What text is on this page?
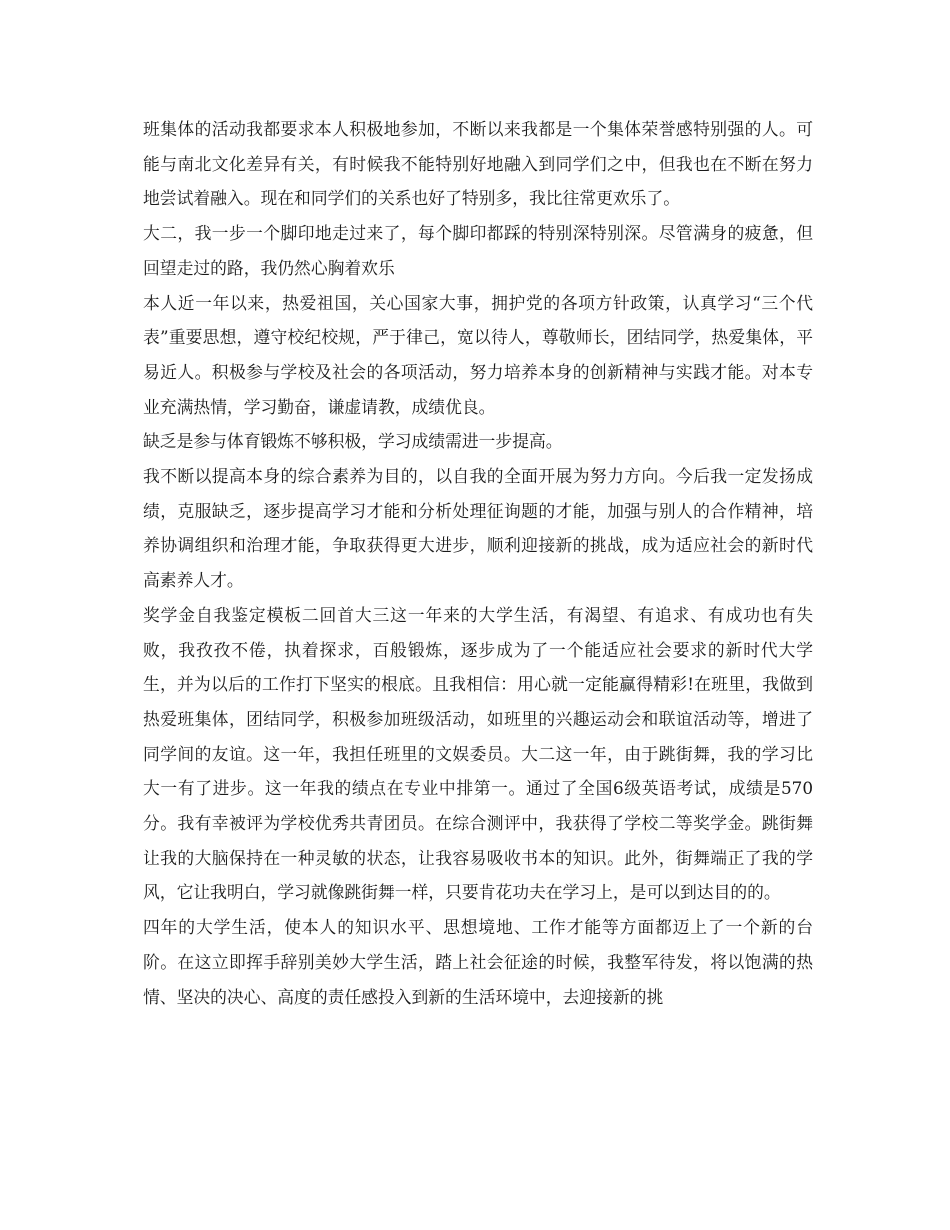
班集体的活动我都要求本人积极地参加，不断以来我都是一个集体荣誉感特别强的人。可能与南北文化差异有关，有时候我不能特别好地融入到同学们之中，但我也在不断在努力地尝试着融入。现在和同学们的关系也好了特别多，我比往常更欢乐了。

大二，我一步一个脚印地走过来了，每个脚印都踩的特别深特别深。尽管满身的疲惫，但回望走过的路，我仍然心胸着欢乐

本人近一年以来，热爱祖国，关心国家大事，拥护党的各项方针政策，认真学习“三个代表”重要思想，遵守校纪校规，严于律己，宽以待人，尊敬师长，团结同学，热爱集体，平易近人。积极参与学校及社会的各项活动，努力培养本身的创新精神与实践才能。对本专业充满热情，学习勤奋，谦虚请教，成绩优良。

缺乏是参与体育锻炼不够积极，学习成绩需进一步提高。

我不断以提高本身的综合素养为目的，以自我的全面开展为努力方向。今后我一定发扬成绩，克服缺乏，逐步提高学习才能和分析处理征询题的才能，加强与别人的合作精神，培养协调组织和治理才能，争取获得更大进步，顺利迎接新的挑战，成为适应社会的新时代高素养人才。

奖学金自我鉴定模板二回首大三这一年来的大学生活，有渴望、有追求、有成功也有失败，我孜孜不倦，执着探求，百般锻炼，逐步成为了一个能适应社会要求的新时代大学生，并为以后的工作打下坚实的根底。且我相信：用心就一定能赢得精彩!在班里，我做到热爱班集体，团结同学，积极参加班级活动，如班里的兴趣运动会和联谊活动等，增进了同学间的友谊。这一年，我担任班里的文娱委员。大二这一年，由于跳街舞，我的学习比大一有了进步。这一年我的绩点在专业中排第一。通过了全国6级英语考试，成绩是570分。我有幸被评为学校优秀共青团员。在综合测评中，我获得了学校二等奖学金。跳街舞让我的大脑保持在一种灵敏的状态，让我容易吸收书本的知识。此外，街舞端正了我的学风，它让我明白，学习就像跳街舞一样，只要肯花功夫在学习上，是可以到达目的的。

四年的大学生活，使本人的知识水平、思想境地、工作才能等方面都迈上了一个新的台阶。在这立即挥手辞别美妙大学生活，踏上社会征途的时候，我整军待发，将以饱满的热情、坚决的决心、高度的责任感投入到新的生活环境中，去迎接新的挑
